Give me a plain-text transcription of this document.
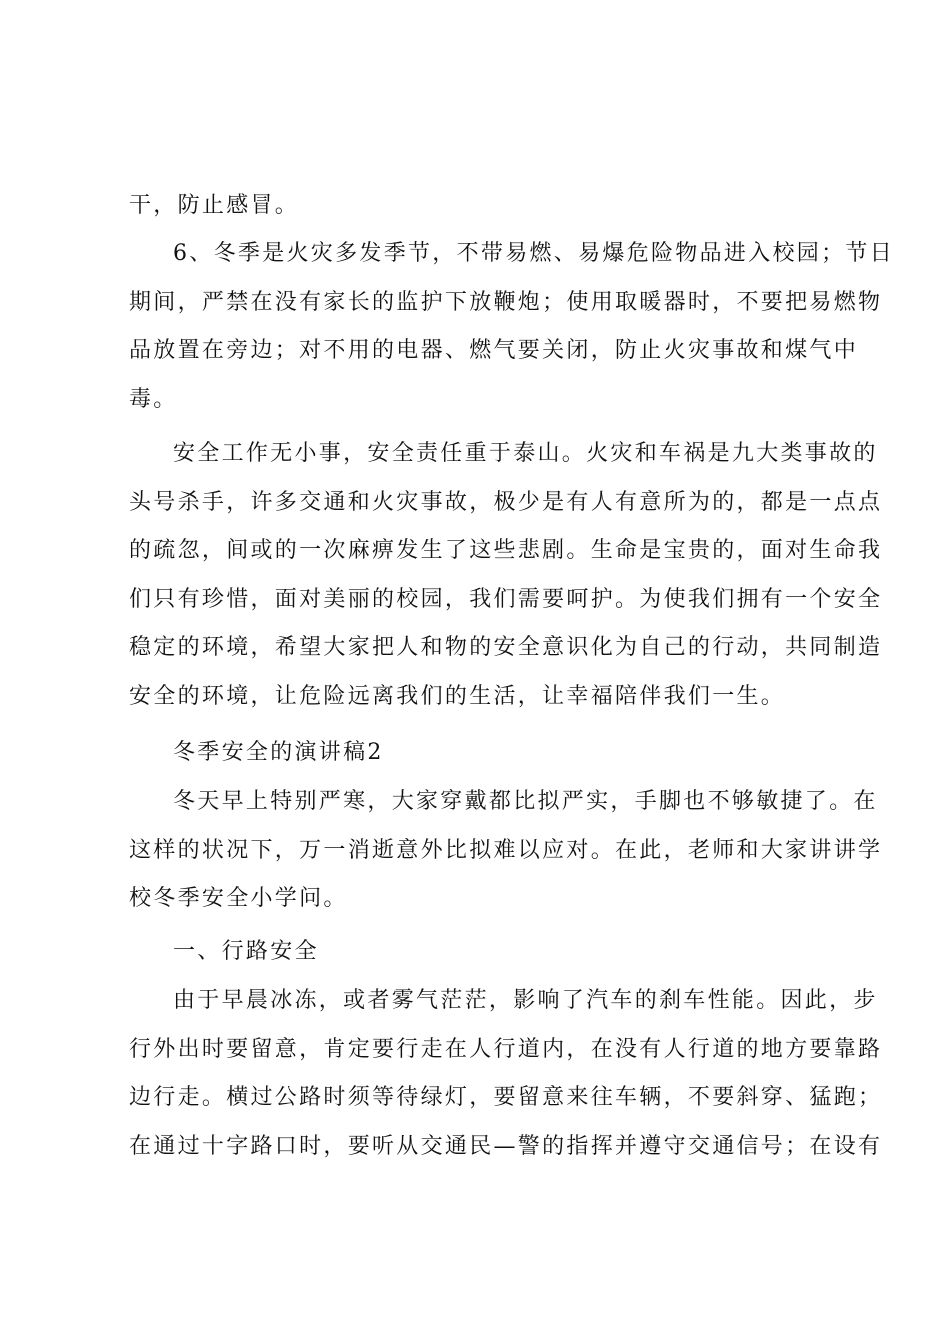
干，防止感冒。
6、冬季是火灾多发季节，不带易燃、易爆危险物品进入校园；节日
期间，严禁在没有家长的监护下放鞭炮；使用取暖器时，不要把易燃物
品放置在旁边；对不用的电器、燃气要关闭，防止火灾事故和煤气中
毒。
安全工作无小事，安全责任重于泰山。火灾和车祸是九大类事故的
头号杀手，许多交通和火灾事故，极少是有人有意所为的，都是一点点
的疏忽，间或的一次麻痹发生了这些悲剧。生命是宝贵的，面对生命我
们只有珍惜，面对美丽的校园，我们需要呵护。为使我们拥有一个安全
稳定的环境，希望大家把人和物的安全意识化为自己的行动，共同制造
安全的环境，让危险远离我们的生活，让幸福陪伴我们一生。
冬季安全的演讲稿2
冬天早上特别严寒，大家穿戴都比拟严实，手脚也不够敏捷了。在
这样的状况下，万一消逝意外比拟难以应对。在此，老师和大家讲讲学
校冬季安全小学问。
一、行路安全
由于早晨冰冻，或者雾气茫茫，影响了汽车的刹车性能。因此，步
行外出时要留意，肯定要行走在人行道内，在没有人行道的地方要靠路
边行走。横过公路时须等待绿灯，要留意来往车辆，不要斜穿、猛跑；
在通过十字路口时，要听从交通民—警的指挥并遵守交通信号；在设有
